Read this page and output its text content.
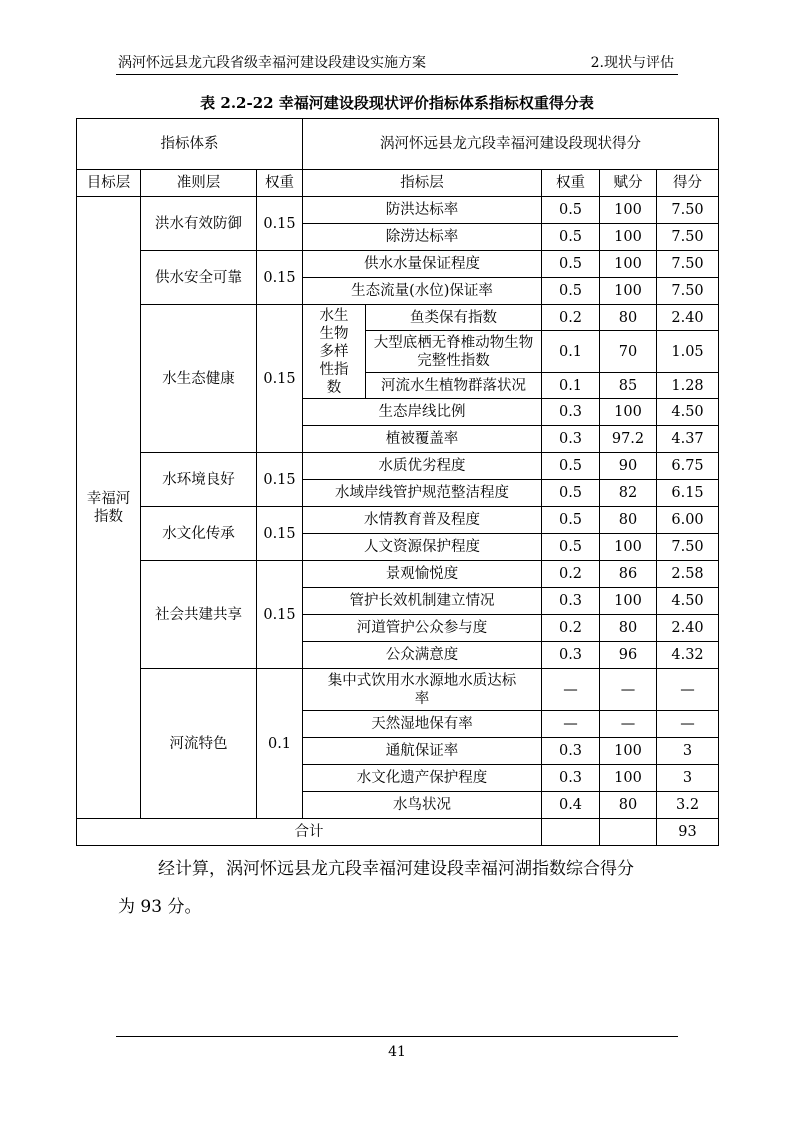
涡河怀远县龙亢段省级幸福河建设段建设实施方案	2.现状与评估
表 2.2-22 幸福河建设段现状评价指标体系指标权重得分表
指标体系			涡河怀远县龙亢段幸福河建设段现状得分				
目标层	准则层	权重	指标层		权重	赋分	得分
幸福河指数	洪水有效防御	0.15	防洪达标率		0.5	100	7.50
			除涝达标率		0.5	100	7.50
	供水安全可靠	0.15	供水水量保证程度		0.5	100	7.50
			生态流量(水位)保证率		0.5	100	7.50
	水生态健康	0.15	水生生物多样性指数	鱼类保有指数	0.2	80	2.40
				大型底栖无脊椎动物生物完整性指数	0.1	70	1.05
				河流水生植物群落状况	0.1	85	1.28
			生态岸线比例		0.3	100	4.50
			植被覆盖率		0.3	97.2	4.37
	水环境良好	0.15	水质优劣程度		0.5	90	6.75
			水域岸线管护规范整洁程度		0.5	82	6.15
	水文化传承	0.15	水情教育普及程度		0.5	80	6.00
			人文资源保护程度		0.5	100	7.50
	社会共建共享	0.15	景观愉悦度		0.2	86	2.58
			管护长效机制建立情况		0.3	100	4.50
			河道管护公众参与度		0.2	80	2.40
			公众满意度		0.3	96	4.32
	河流特色	0.1	集中式饮用水水源地水质达标率		—	—	—
			天然湿地保有率		—	—	—
			通航保证率		0.3	100	3
			水文化遗产保护程度		0.3	100	3
			水鸟状况		0.4	80	3.2
合计							93
经计算，涡河怀远县龙亢段幸福河建设段幸福河湖指数综合得分
为 93 分。
41
